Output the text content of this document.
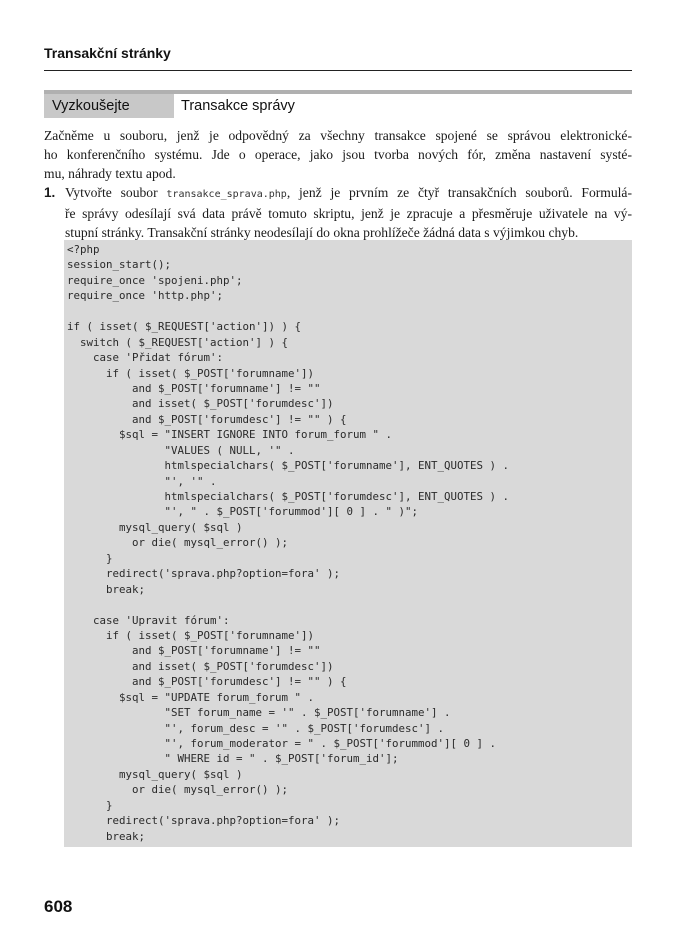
Transakční stránky
Vyzkoušejte	Transakce správy
Začněme u souboru, jenž je odpovědný za všechny transakce spojené se správou elektronické-
ho konferenčního systému. Jde o operace, jako jsou tvorba nových fór, změna nastavení systé-
mu, náhrady textu apod.
1. Vytvořte soubor transakce_sprava.php, jenž je prvním ze čtyř transakčních souborů. Formulá-
ře správy odesílají svá data právě tomuto skriptu, jenž je zpracuje a přesměruje uživatele na vý-
stupní stránky. Transakční stránky neodesílají do okna prohlížeče žádná data s výjimkou chyb.
<?php
session_start();
require_once 'spojeni.php';
require_once 'http.php';
if ( isset( $_REQUEST['action']) ) {
switch ( $_REQUEST['action'] ) {
case 'Přidat fórum':
if ( isset( $_POST['forumname'])
and $_POST['forumname'] != ""
and isset( $_POST['forumdesc'])
and $_POST['forumdesc'] != "" ) {
$sql = "INSERT IGNORE INTO forum_forum " .
"VALUES ( NULL, '" .
htmlspecialchars( $_POST['forumname'], ENT_QUOTES ) .
"', '" .
htmlspecialchars( $_POST['forumdesc'], ENT_QUOTES ) .
"', " . $_POST['forummod'][ 0 ] . " )";
mysql_query( $sql )
or die( mysql_error() );
}
redirect('sprava.php?option=fora' );
break;
case 'Upravit fórum':
if ( isset( $_POST['forumname'])
and $_POST['forumname'] != ""
and isset( $_POST['forumdesc'])
and $_POST['forumdesc'] != "" ) {
$sql = "UPDATE forum_forum " .
"SET forum_name = '" . $_POST['forumname'] .
"', forum_desc = '" . $_POST['forumdesc'] .
"', forum_moderator = " . $_POST['forummod'][ 0 ] .
" WHERE id = " . $_POST['forum_id'];
mysql_query( $sql )
or die( mysql_error() );
}
redirect('sprava.php?option=fora' );
break;
608
